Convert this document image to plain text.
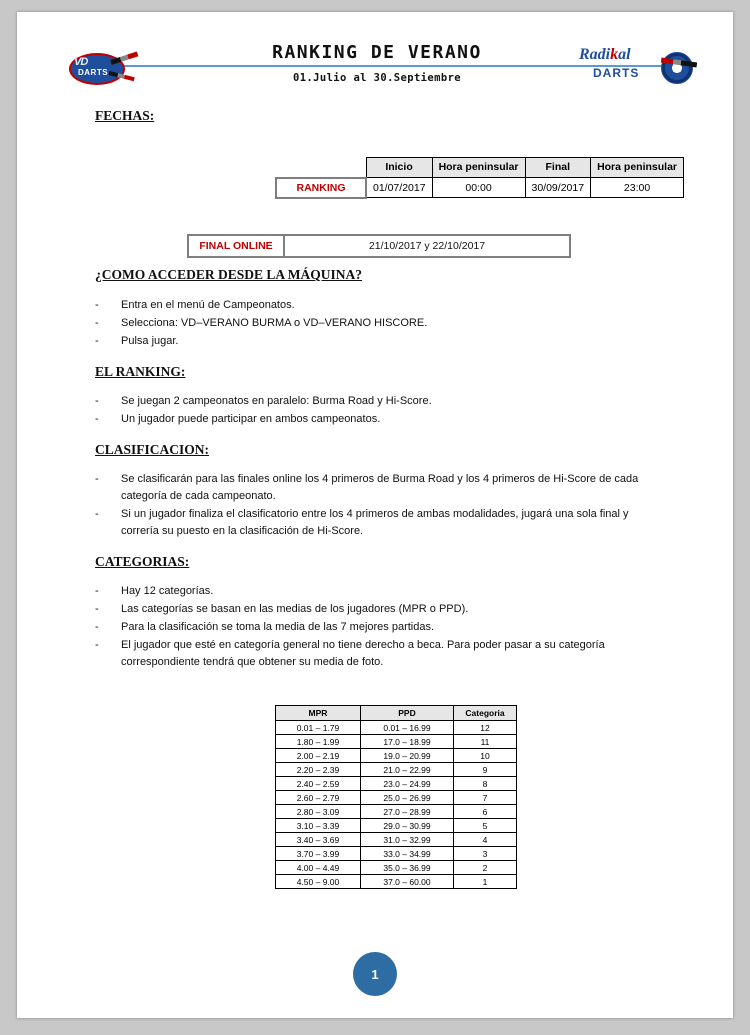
VD
DARTS
RANKING DE VERANO
01.Julio al 30.Septiembre
Radikal
DARTS
FECHAS:
	Inicio	Hora peninsular	Final	Hora peninsular
RANKING	01/07/2017	00:00	30/09/2017	23:00
FINAL ONLINE	21/10/2017 y 22/10/2017
¿COMO ACCEDER DESDE LA MÁQUINA?
- Entra en el menú de Campeonatos.
- Selecciona: VD–VERANO BURMA o VD–VERANO HISCORE.
- Pulsa jugar.
EL RANKING:
- Se juegan 2 campeonatos en paralelo: Burma Road y Hi-Score.
- Un jugador puede participar en ambos campeonatos.
CLASIFICACION:
- Se clasificarán para las finales online los 4 primeros de Burma Road y los 4 primeros de Hi-Score de cada categoría de cada campeonato.
- Si un jugador finaliza el clasificatorio entre los 4 primeros de ambas modalidades, jugará una sola final y correría su puesto en la clasificación de Hi-Score.
CATEGORIAS:
- Hay 12 categorías.
- Las categorías se basan en las medias de los jugadores (MPR o PPD).
- Para la clasificación se toma la media de las 7 mejores partidas.
- El jugador que esté en categoría general no tiene derecho a beca. Para poder pasar a su categoría correspondiente tendrá que obtener su media de foto.
MPR	PPD	Categoria
0.01 – 1.79	0.01 – 16.99	12
1.80 – 1.99	17.0 – 18.99	11
2.00 – 2.19	19.0 – 20.99	10
2.20 – 2.39	21.0 – 22.99	9
2.40 – 2.59	23.0 – 24.99	8
2.60 – 2.79	25.0 – 26.99	7
2.80 – 3.09	27.0 – 28.99	6
3.10 – 3.39	29.0 – 30.99	5
3.40 – 3.69	31.0 – 32.99	4
3.70 – 3.99	33.0 – 34.99	3
4.00 – 4.49	35.0 – 36.99	2
4.50 – 9.00	37.0 – 60.00	1
1
